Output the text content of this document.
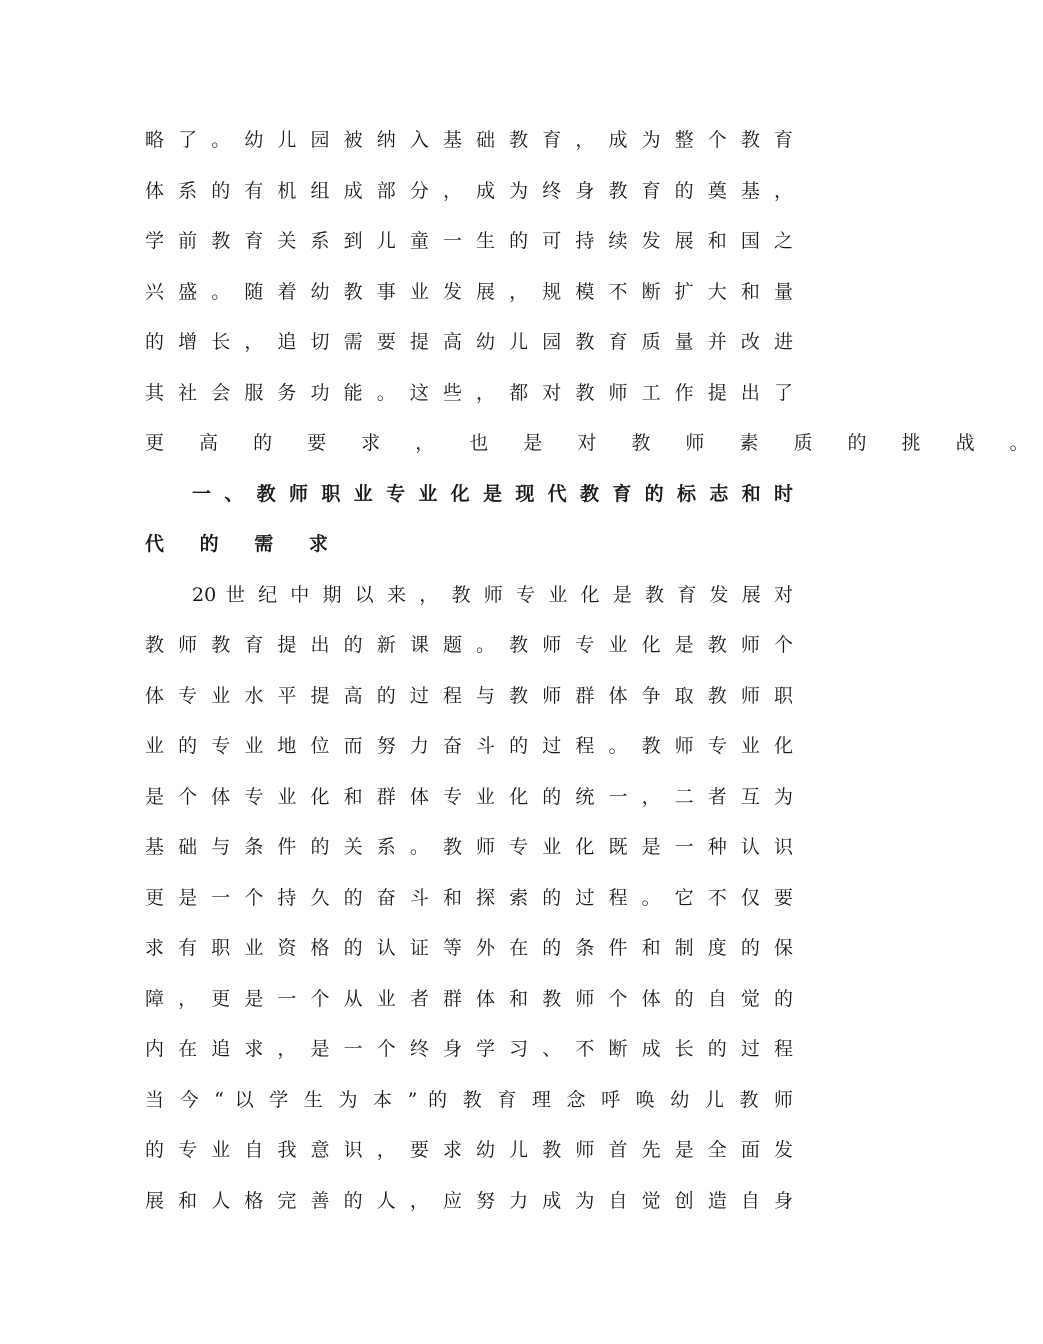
略 了 。 幼 儿 园 被 纳 入 基 础 教 育 ， 成 为 整 个 教 育
体 系 的 有 机 组 成 部 分 ， 成 为 终 身 教 育 的 奠 基 ，
学 前 教 育 关 系 到 儿 童 一 生 的 可 持 续 发 展 和 国 之
兴 盛 。 随 着 幼 教 事 业 发 展 ， 规 模 不 断 扩 大 和 量
的 增 长 ， 追 切 需 要 提 高 幼 儿 园 教 育 质 量 并 改 进
其 社 会 服 务 功 能 。 这 些 ， 都 对 教 师 工 作 提 出 了
更 高 的 要 求 ， 也 是 对 教 师 素 质 的 挑 战 。
一 、 教 师 职 业 专 业 化 是 现 代 教 育 的 标 志 和 时
代 的 需 求
20 世 纪 中 期 以 来 ， 教 师 专 业 化 是 教 育 发 展 对
教 师 教 育 提 出 的 新 课 题 。 教 师 专 业 化 是 教 师 个
体 专 业 水 平 提 高 的 过 程 与 教 师 群 体 争 取 教 师 职
业 的 专 业 地 位 而 努 力 奋 斗 的 过 程 。 教 师 专 业 化
是 个 体 专 业 化 和 群 体 专 业 化 的 统 一 ， 二 者 互 为
基 础 与 条 件 的 关 系 。 教 师 专 业 化 既 是 一 种 认 识
更 是 一 个 持 久 的 奋 斗 和 探 索 的 过 程 。 它 不 仅 要
求 有 职 业 资 格 的 认 证 等 外 在 的 条 件 和 制 度 的 保
障 ， 更 是 一 个 从 业 者 群 体 和 教 师 个 体 的 自 觉 的
内 在 追 求 ， 是 一 个 终 身 学 习 、 不 断 成 长 的 过 程
当 今 “ 以 学 生 为 本 ” 的 教 育 理 念 呼 唤 幼 儿 教 师
的 专 业 自 我 意 识 ， 要 求 幼 儿 教 师 首 先 是 全 面 发
展 和 人 格 完 善 的 人 ， 应 努 力 成 为 自 觉 创 造 自 身
